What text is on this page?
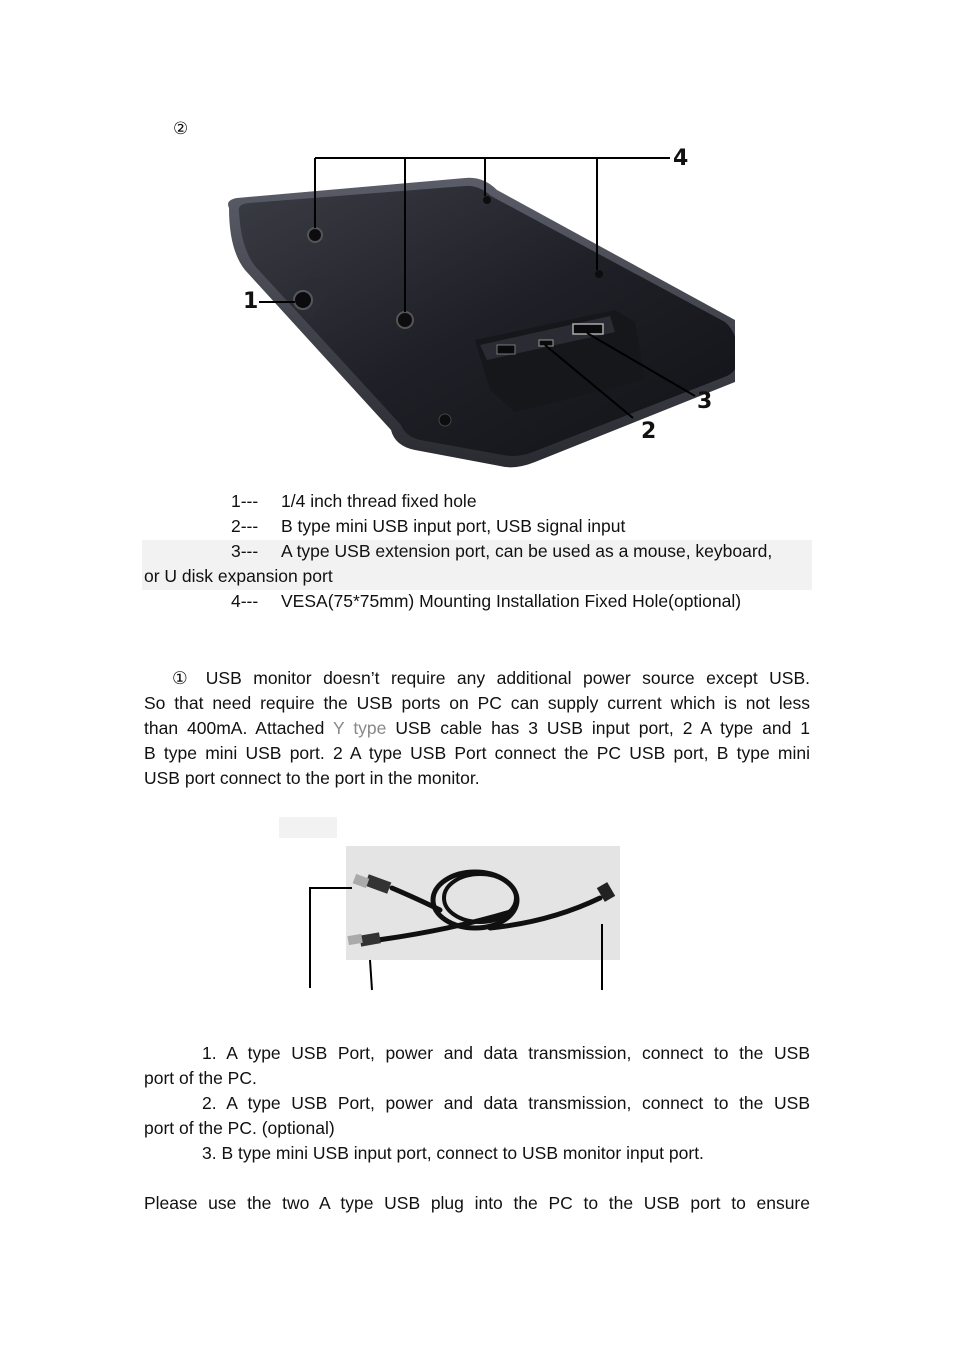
②
4
1
3
2
1--- 1/4 inch thread fixed hole
2--- B type mini USB input port, USB signal input
3--- A type USB extension port, can be used as a mouse, keyboard,
or U disk expansion port
4--- VESA(75*75mm) Mounting Installation Fixed Hole(optional)
① USB monitor doesn’t require any additional power source except USB.
So that need require the USB ports on PC can supply current which is not less
than 400mA. Attached Y type USB cable has 3 USB input port, 2 A type and 1
B type mini USB port. 2 A type USB Port connect the PC USB port, B type mini
USB port connect to the port in the monitor.
1. A type USB Port, power and data transmission, connect to the USB
port of the PC.
2. A type USB Port, power and data transmission, connect to the USB
port of the PC. (optional)
3. B type mini USB input port, connect to USB monitor input port.
Please use the two A type USB plug into the PC to the USB port to ensure
